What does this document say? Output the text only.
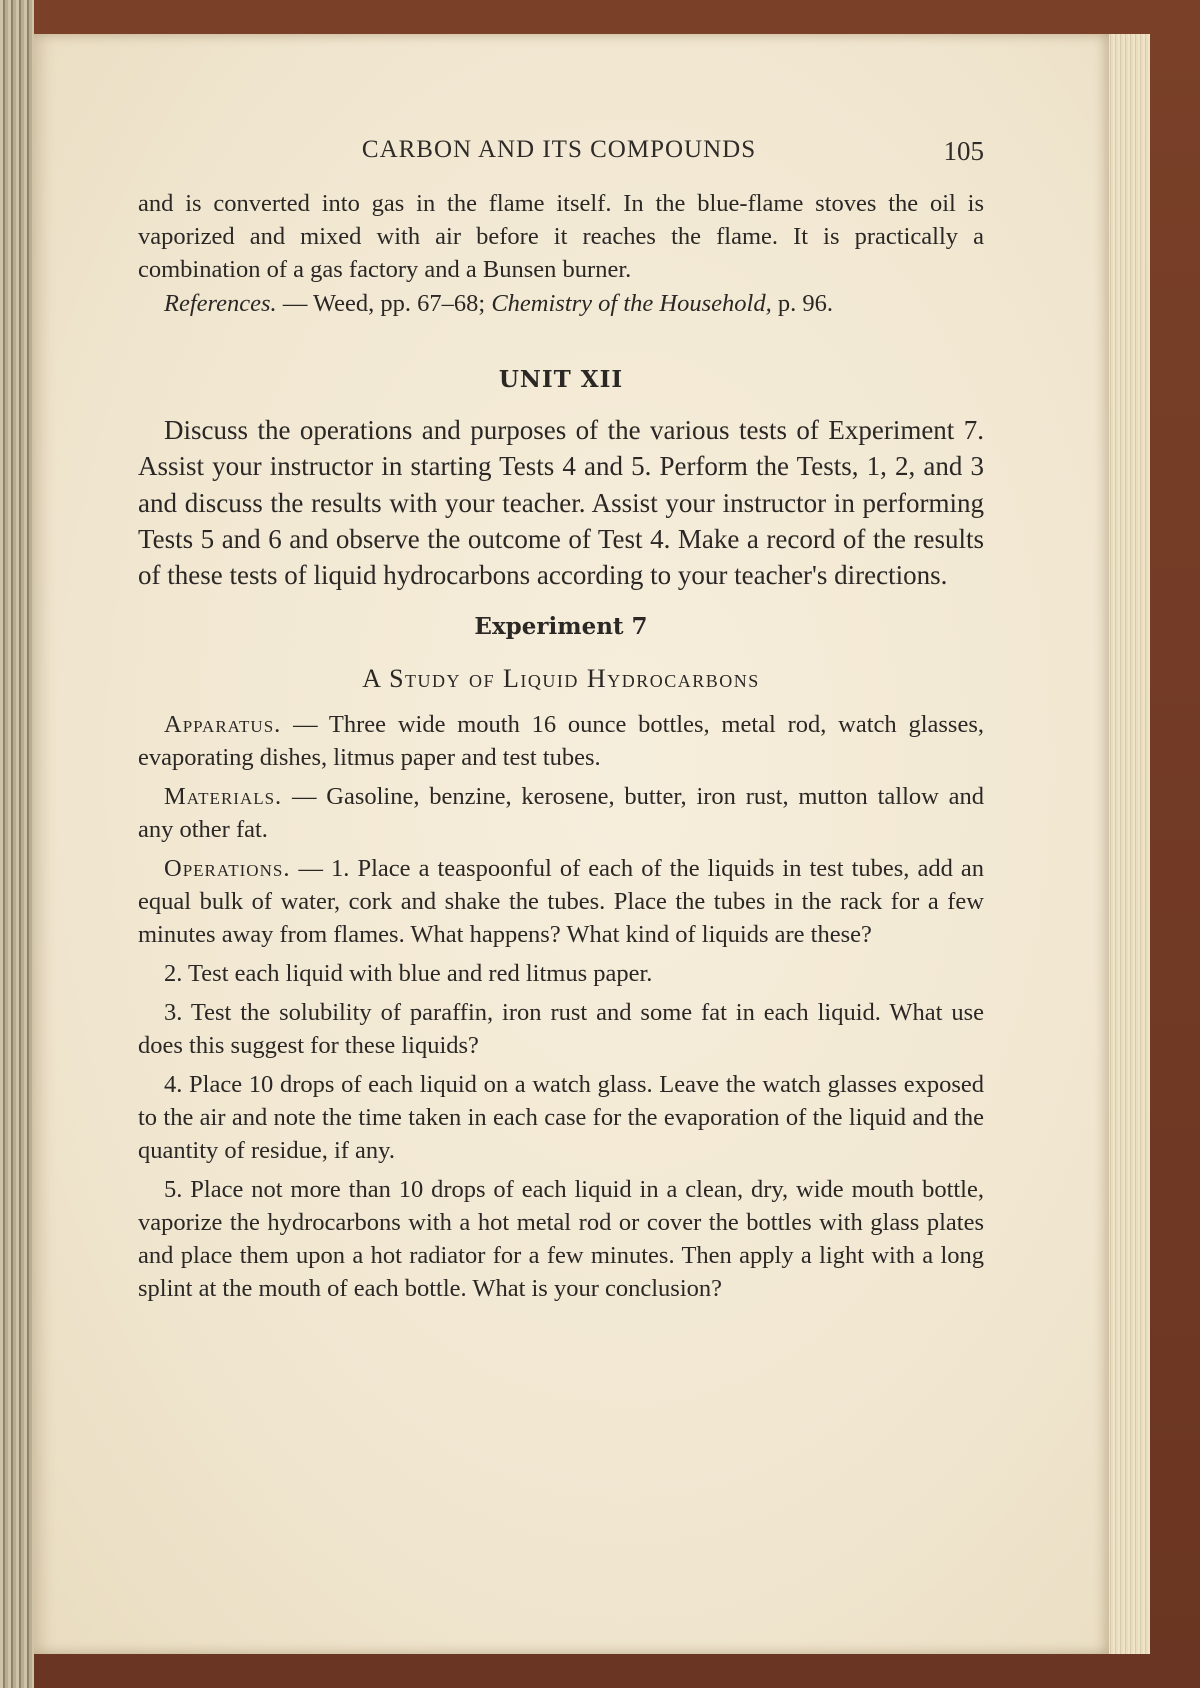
CARBON AND ITS COMPOUNDS	105

and is converted into gas in the flame itself. In the blue-flame stoves the oil is vaporized and mixed with air before it reaches the flame. It is practically a combination of a gas factory and a Bunsen burner.

References. — Weed, pp. 67–68; Chemistry of the Household, p. 96.

UNIT XII

Discuss the operations and purposes of the various tests of Experiment 7. Assist your instructor in starting Tests 4 and 5. Perform the Tests, 1, 2, and 3 and discuss the results with your teacher. Assist your instructor in performing Tests 5 and 6 and observe the outcome of Test 4. Make a record of the results of these tests of liquid hydrocarbons according to your teacher's directions.

Experiment 7
A Study of Liquid Hydrocarbons

Apparatus. — Three wide mouth 16 ounce bottles, metal rod, watch glasses, evaporating dishes, litmus paper and test tubes.

Materials. — Gasoline, benzine, kerosene, butter, iron rust, mutton tallow and any other fat.

Operations. — 1. Place a teaspoonful of each of the liquids in test tubes, add an equal bulk of water, cork and shake the tubes. Place the tubes in the rack for a few minutes away from flames. What happens? What kind of liquids are these?

2. Test each liquid with blue and red litmus paper.

3. Test the solubility of paraffin, iron rust and some fat in each liquid. What use does this suggest for these liquids?

4. Place 10 drops of each liquid on a watch glass. Leave the watch glasses exposed to the air and note the time taken in each case for the evaporation of the liquid and the quantity of residue, if any.

5. Place not more than 10 drops of each liquid in a clean, dry, wide mouth bottle, vaporize the hydrocarbons with a hot metal rod or cover the bottles with glass plates and place them upon a hot radiator for a few minutes. Then apply a light with a long splint at the mouth of each bottle. What is your conclusion?
